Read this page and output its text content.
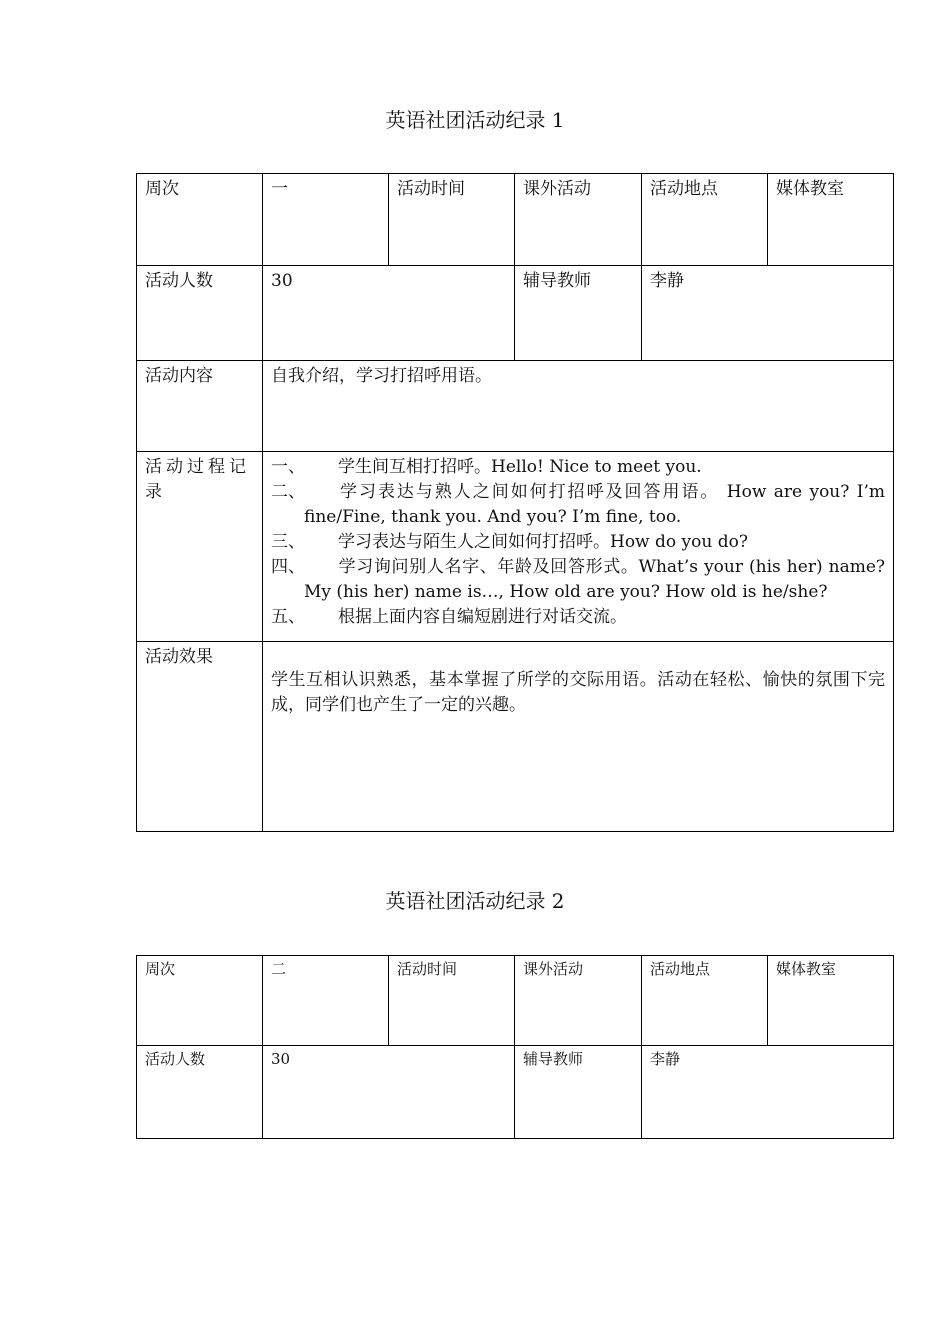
英语社团活动纪录 1
周次	一	活动时间	课外活动	活动地点	媒体教室
活动人数	30		辅导教师	李静	
活动内容	自我介绍，学习打招呼用语。				
活动过程记录	一、 学生间互相打招呼。Hello! Nice to meet you.
二、 学习表达与熟人之间如何打招呼及回答用语。 How are you? I’m fine/Fine, thank you. And you? I’m fine, too.
三、 学习表达与陌生人之间如何打招呼。How do you do?
四、 学习询问别人名字、年龄及回答形式。What’s your (his her) name? My (his her) name is…, How old are you? How old is he/she?
五、 根据上面内容自编短剧进行对话交流。				

活动效果	学生互相认识熟悉，基本掌握了所学的交际用语。活动在轻松、愉快的氛围下完成，同学们也产生了一定的兴趣。				
英语社团活动纪录 2
周次	二	活动时间	课外活动	活动地点	媒体教室
活动人数	30		辅导教师	李静	
